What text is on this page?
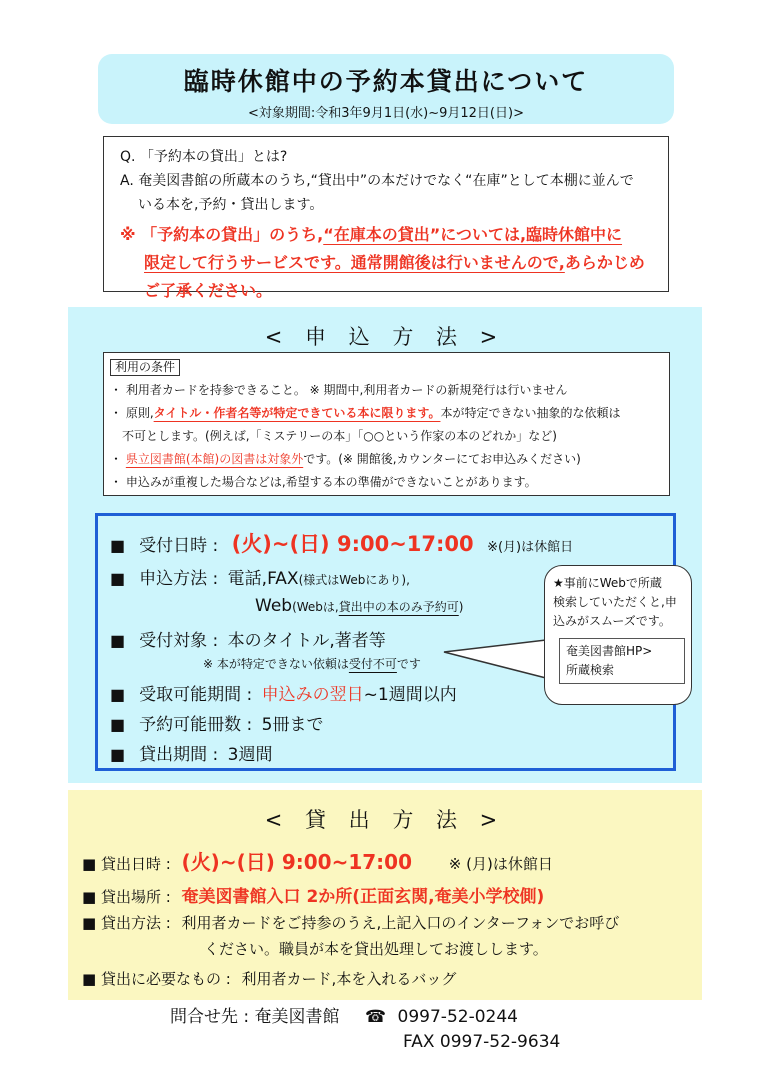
臨時休館中の予約本貸出について
<対象期間:令和3年9月1日(水)~9月12日(日)>
Q. 「予約本の貸出」とは?
A. 奄美図書館の所蔵本のうち,“貸出中”の本だけでなく“在庫”として本棚に並んで
いる本を,予約・貸出します。
※ 「予約本の貸出」のうち,“在庫本の貸出”については,臨時休館中に
限定して行うサービスです。通常開館後は行いませんので,あらかじめ
ご了承ください。
< 申 込 方 法 >
利用の条件
・ 利用者カードを持参できること。 ※ 期間中,利用者カードの新規発行は行いません
・ 原則,タイトル・作者名等が特定できている本に限ります。本が特定できない抽象的な依頼は
不可とします。(例えば,「ミステリーの本」「○○という作家の本のどれか」など)
・ 県立図書館(本館)の図書は対象外です。(※ 開館後,カウンターにてお申込みください)
・ 申込みが重複した場合などは,希望する本の準備ができないことがあります。
■ 受付日時 : (火)~(日) 9:00~17:00 ※(月)は休館日
■ 申込方法 : 電話,FAX(様式はWebにあり),
Web(Webは,貸出中の本のみ予約可)
■ 受付対象 : 本のタイトル,著者等
※ 本が特定できない依頼は受付不可です
■ 受取可能期間 : 申込みの翌日~1週間以内
■ 予約可能冊数 : 5冊まで
■ 貸出期間 : 3週間
★事前にWebで所蔵
検索していただくと,申
込みがスムーズです。
奄美図書館HP>
所蔵検索
< 貸 出 方 法 >
■ 貸出日時 : (火)~(日) 9:00~17:00 ※ (月)は休館日
■ 貸出場所 : 奄美図書館入口 2か所(正面玄関,奄美小学校側)
■ 貸出方法 : 利用者カードをご持参のうえ,上記入口のインターフォンでお呼び
ください。職員が本を貸出処理してお渡しします。
■ 貸出に必要なもの : 利用者カード,本を入れるバッグ
問合せ先 : 奄美図書館 ☎ 0997-52-0244
FAX 0997-52-9634
